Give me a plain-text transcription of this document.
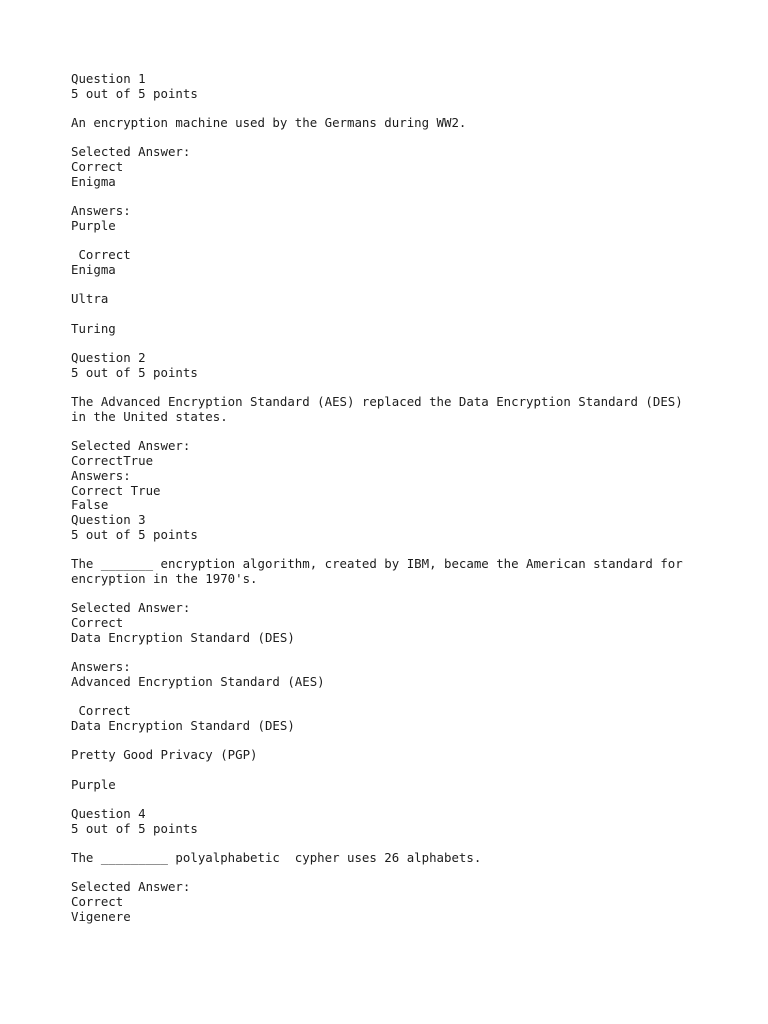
Question 1
5 out of 5 points
An encryption machine used by the Germans during WW2.
Selected Answer:
Correct
Enigma
Answers:
Purple
Correct
Enigma
Ultra
Turing
Question 2
5 out of 5 points
The Advanced Encryption Standard (AES) replaced the Data Encryption Standard (DES)
in the United states.
Selected Answer:
CorrectTrue
Answers:
Correct True
False
Question 3
5 out of 5 points
The _______ encryption algorithm, created by IBM, became the American standard for
encryption in the 1970's.
Selected Answer:
Correct
Data Encryption Standard (DES)
Answers:
Advanced Encryption Standard (AES)
Correct
Data Encryption Standard (DES)
Pretty Good Privacy (PGP)
Purple
Question 4
5 out of 5 points
The _________ polyalphabetic  cypher uses 26 alphabets.
Selected Answer:
Correct
Vigenere
